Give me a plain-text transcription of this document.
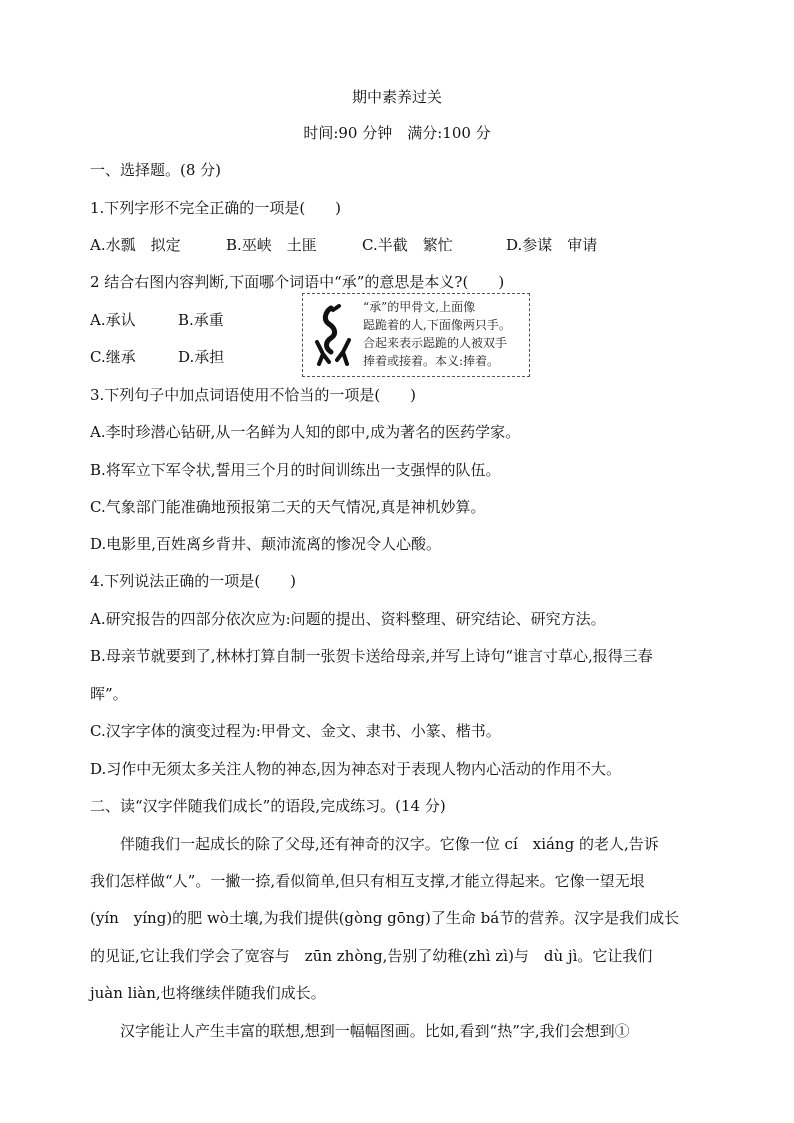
期中素养过关
时间:90 分钟　满分:100 分
一、选择题。(8 分)
1.下列字形不完全正确的一项是(　　)
A.水瓢　拟定	B.巫峡　土匪	C.半截　繁忙	D.参谋　审请
2 结合右图内容判断,下面哪个词语中“承”的意思是本义?(　　)
A.承认	B.承重
C.继承	D.承担
“承”的甲骨文,上面像
跽跪着的人,下面像两只手。
合起来表示跽跪的人被双手
捧着或接着。本义:捧着。
3.下列句子中加点词语使用不恰当的一项是(　　)
A.李时珍潜心钻研,从一名鲜为人知的郎中,成为著名的医药学家。
B.将军立下军令状,誓用三个月的时间训练出一支强悍的队伍。
C.气象部门能准确地预报第二天的天气情况,真是神机妙算。
D.电影里,百姓离乡背井、颠沛流离的惨况令人心酸。
4.下列说法正确的一项是(　　)
A.研究报告的四部分依次应为:问题的提出、资料整理、研究结论、研究方法。
B.母亲节就要到了,林林打算自制一张贺卡送给母亲,并写上诗句“谁言寸草心,报得三春
晖”。
C.汉字字体的演变过程为:甲骨文、金文、隶书、小篆、楷书。
D.习作中无须太多关注人物的神态,因为神态对于表现人物内心活动的作用不大。
二、读“汉字伴随我们成长”的语段,完成练习。(14 分)
伴随我们一起成长的除了父母,还有神奇的汉字。它像一位 cí　xiáng 的老人,告诉
我们怎样做“人”。一撇一捺,看似简单,但只有相互支撑,才能立得起来。它像一望无垠
(yín　yíng)的肥 wò土壤,为我们提供(gòng gōng)了生命 bá节的营养。汉字是我们成长
的见证,它让我们学会了宽容与　zūn zhòng,告别了幼稚(zhì zì)与　dù jì。它让我们
juàn liàn,也将继续伴随我们成长。
汉字能让人产生丰富的联想,想到一幅幅图画。比如,看到“热”字,我们会想到①
